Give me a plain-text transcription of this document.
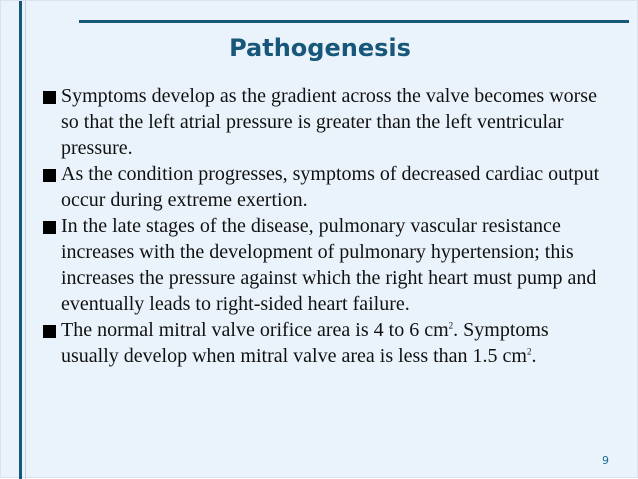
Pathogenesis
Symptoms develop as the gradient across the valve becomes worse so that the left atrial pressure is greater than the left ventricular pressure.
As the condition progresses, symptoms of decreased cardiac output occur during extreme exertion.
In the late stages of the disease, pulmonary vascular resistance increases with the development of pulmonary hypertension; this increases the pressure against which the right heart must pump and eventually leads to right-sided heart failure.
The normal mitral valve orifice area is 4 to 6 $cm^2$. Symptoms usually develop when mitral valve area is less than 1.5 $cm^2$.
9
